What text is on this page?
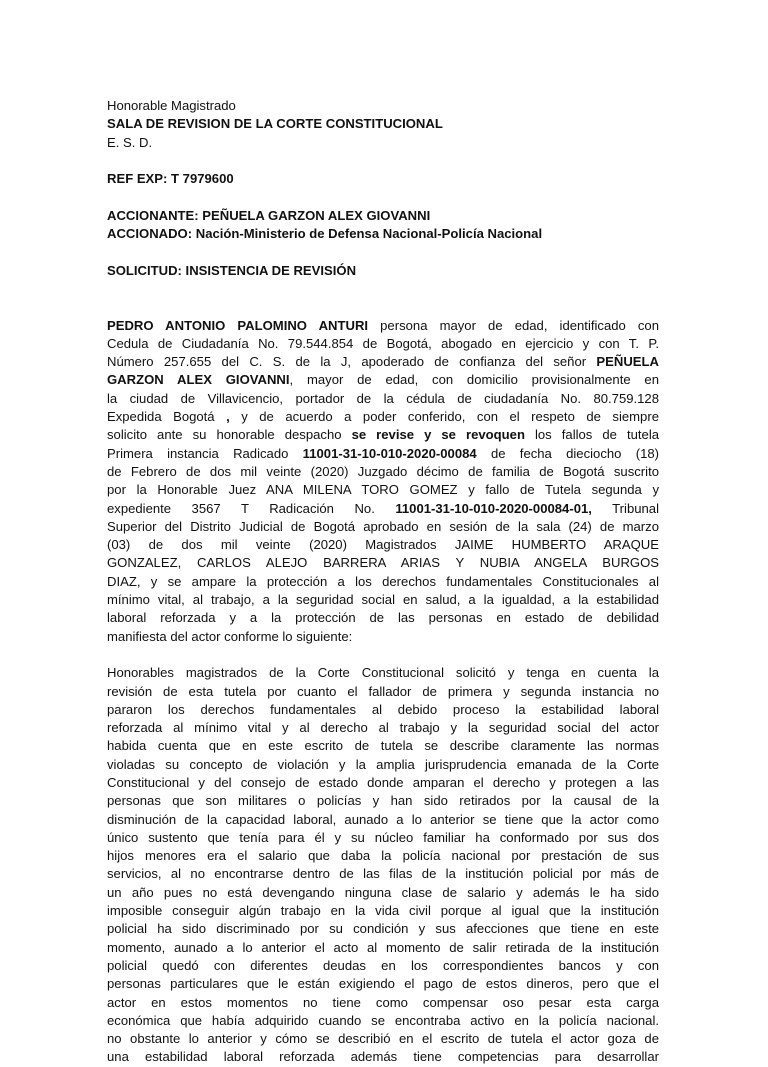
Honorable Magistrado
SALA DE REVISION DE LA CORTE CONSTITUCIONAL
E. S. D.
REF EXP: T 7979600
ACCIONANTE: PEÑUELA GARZON ALEX GIOVANNI
ACCIONADO: Nación-Ministerio de Defensa Nacional-Policía Nacional
SOLICITUD: INSISTENCIA DE REVISIÓN
PEDRO ANTONIO PALOMINO ANTURI persona mayor de edad, identificado con
Cedula de Ciudadanía No. 79.544.854 de Bogotá, abogado en ejercicio y con T. P.
Número 257.655 del C. S. de la J, apoderado de confianza del señor PEÑUELA
GARZON ALEX GIOVANNI, mayor de edad, con domicilio provisionalmente en
la ciudad de Villavicencio, portador de la cédula de ciudadanía No. 80.759.128
Expedida Bogotá , y de acuerdo a poder conferido, con el respeto de siempre
solicito ante su honorable despacho se revise y se revoquen los fallos de tutela
Primera instancia Radicado 11001-31-10-010-2020-00084 de fecha dieciocho (18)
de Febrero de dos mil veinte (2020) Juzgado décimo de familia de Bogotá suscrito
por la Honorable Juez ANA MILENA TORO GOMEZ y fallo de Tutela segunda y
expediente 3567 T Radicación No. 11001-31-10-010-2020-00084-01, Tribunal
Superior del Distrito Judicial de Bogotá aprobado en sesión de la sala (24) de marzo
(03) de dos mil veinte (2020) Magistrados JAIME HUMBERTO ARAQUE
GONZALEZ, CARLOS ALEJO BARRERA ARIAS Y NUBIA ANGELA BURGOS
DIAZ, y se ampare la protección a los derechos fundamentales Constitucionales al
mínimo vital, al trabajo, a la seguridad social en salud, a la igualdad, a la estabilidad
laboral reforzada y a la protección de las personas en estado de debilidad
manifiesta del actor conforme lo siguiente:
Honorables magistrados de la Corte Constitucional solicitó y tenga en cuenta la
revisión de esta tutela por cuanto el fallador de primera y segunda instancia no
pararon los derechos fundamentales al debido proceso la estabilidad laboral
reforzada al mínimo vital y al derecho al trabajo y la seguridad social del actor
habida cuenta que en este escrito de tutela se describe claramente las normas
violadas su concepto de violación y la amplia jurisprudencia emanada de la Corte
Constitucional y del consejo de estado donde amparan el derecho y protegen a las
personas que son militares o policías y han sido retirados por la causal de la
disminución de la capacidad laboral, aunado a lo anterior se tiene que la actor como
único sustento que tenía para él y su núcleo familiar ha conformado por sus dos
hijos menores era el salario que daba la policía nacional por prestación de sus
servicios, al no encontrarse dentro de las filas de la institución policial por más de
un año pues no está devengando ninguna clase de salario y además le ha sido
imposible conseguir algún trabajo en la vida civil porque al igual que la institución
policial ha sido discriminado por su condición y sus afecciones que tiene en este
momento, aunado a lo anterior el acto al momento de salir retirada de la institución
policial quedó con diferentes deudas en los correspondientes bancos y con
personas particulares que le están exigiendo el pago de estos dineros, pero que el
actor en estos momentos no tiene como compensar oso pesar esta carga
económica que había adquirido cuando se encontraba activo en la policía nacional.
no obstante lo anterior y cómo se describió en el escrito de tutela el actor goza de
una estabilidad laboral reforzada además tiene competencias para desarrollar
